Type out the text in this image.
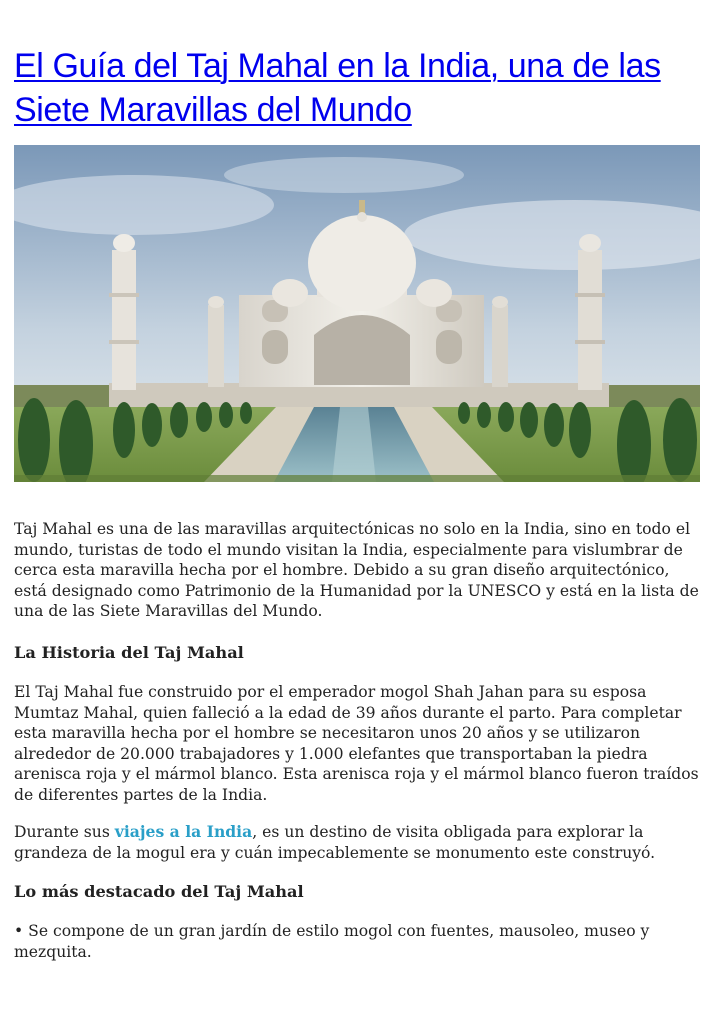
El Guía del Taj Mahal en la India, una de las Siete Maravillas del Mundo

Taj Mahal es una de las maravillas arquitectónicas no solo en la India, sino en todo el mundo, turistas de todo el mundo visitan la India, especialmente para vislumbrar de cerca esta maravilla hecha por el hombre. Debido a su gran diseño arquitectónico, está designado como Patrimonio de la Humanidad por la UNESCO y está en la lista de una de las Siete Maravillas del Mundo.

La Historia del Taj Mahal

El Taj Mahal fue construido por el emperador mogol Shah Jahan para su esposa Mumtaz Mahal, quien falleció a la edad de 39 años durante el parto. Para completar esta maravilla hecha por el hombre se necesitaron unos 20 años y se utilizaron alrededor de 20.000 trabajadores y 1.000 elefantes que transportaban la piedra arenisca roja y el mármol blanco. Esta arenisca roja y el mármol blanco fueron traídos de diferentes partes de la India.

Durante sus viajes a la India, es un destino de visita obligada para explorar la grandeza de la mogul era y cuán impecablemente se monumento este construyó.

Lo más destacado del Taj Mahal

• Se compone de un gran jardín de estilo mogol con fuentes, mausoleo, museo y mezquita.
